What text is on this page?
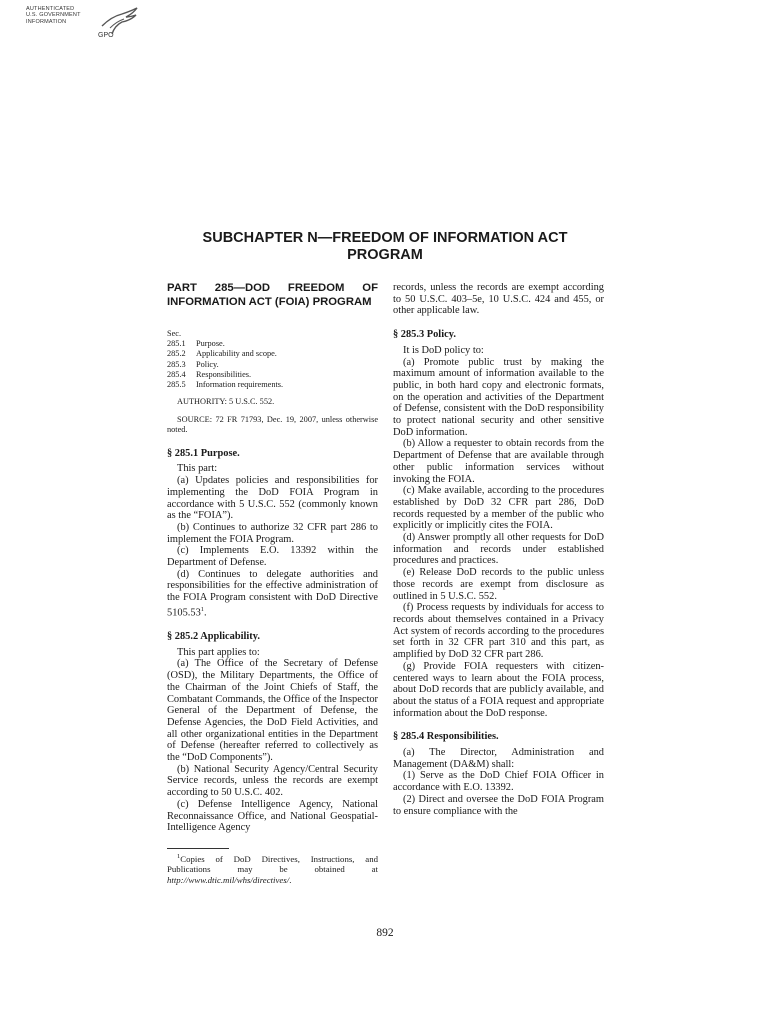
AUTHENTICATED
U.S. GOVERNMENT
INFORMATION
GPO
SUBCHAPTER N—FREEDOM OF INFORMATION ACT PROGRAM
PART 285—DOD FREEDOM OF INFORMATION ACT (FOIA) PROGRAM
Sec.
285.1	Purpose.
285.2	Applicability and scope.
285.3	Policy.
285.4	Responsibilities.
285.5	Information requirements.
AUTHORITY: 5 U.S.C. 552.
SOURCE: 72 FR 71793, Dec. 19, 2007, unless otherwise noted.
§ 285.1 Purpose.

This part:

(a) Updates policies and responsibilities for implementing the DoD FOIA Program in accordance with 5 U.S.C. 552 (commonly known as the “FOIA”).

(b) Continues to authorize 32 CFR part 286 to implement the FOIA Program.

(c) Implements E.O. 13392 within the Department of Defense.

(d) Continues to delegate authorities and responsibilities for the effective administration of the FOIA Program consistent with DoD Directive 5105.53$^1$.

§ 285.2 Applicability.

This part applies to:

(a) The Office of the Secretary of Defense (OSD), the Military Departments, the Office of the Chairman of the Joint Chiefs of Staff, the Combatant Commands, the Office of the Inspector General of the Department of Defense, the Defense Agencies, the DoD Field Activities, and all other organizational entities in the Department of Defense (hereafter referred to collectively as the “DoD Components”).

(b) National Security Agency/Central Security Service records, unless the records are exempt according to 50 U.S.C. 402.

(c) Defense Intelligence Agency, National Reconnaissance Office, and National Geospatial-Intelligence Agency

$^1$Copies of DoD Directives, Instructions, and Publications may be obtained at http://www.dtic.mil/whs/directives/.

records, unless the records are exempt according to 50 U.S.C. 403–5e, 10 U.S.C. 424 and 455, or other applicable law.

§ 285.3 Policy.

It is DoD policy to:

(a) Promote public trust by making the maximum amount of information available to the public, in both hard copy and electronic formats, on the operation and activities of the Department of Defense, consistent with the DoD responsibility to protect national security and other sensitive DoD information.

(b) Allow a requester to obtain records from the Department of Defense that are available through other public information services without invoking the FOIA.

(c) Make available, according to the procedures established by DoD 32 CFR part 286, DoD records requested by a member of the public who explicitly or implicitly cites the FOIA.

(d) Answer promptly all other requests for DoD information and records under established procedures and practices.

(e) Release DoD records to the public unless those records are exempt from disclosure as outlined in 5 U.S.C. 552.

(f) Process requests by individuals for access to records about themselves contained in a Privacy Act system of records according to the procedures set forth in 32 CFR part 310 and this part, as amplified by DoD 32 CFR part 286.

(g) Provide FOIA requesters with citizen-centered ways to learn about the FOIA process, about DoD records that are publicly available, and about the status of a FOIA request and appropriate information about the DoD response.

§ 285.4 Responsibilities.

(a) The Director, Administration and Management (DA&M) shall:

(1) Serve as the DoD Chief FOIA Officer in accordance with E.O. 13392.

(2) Direct and oversee the DoD FOIA Program to ensure compliance with the

892
